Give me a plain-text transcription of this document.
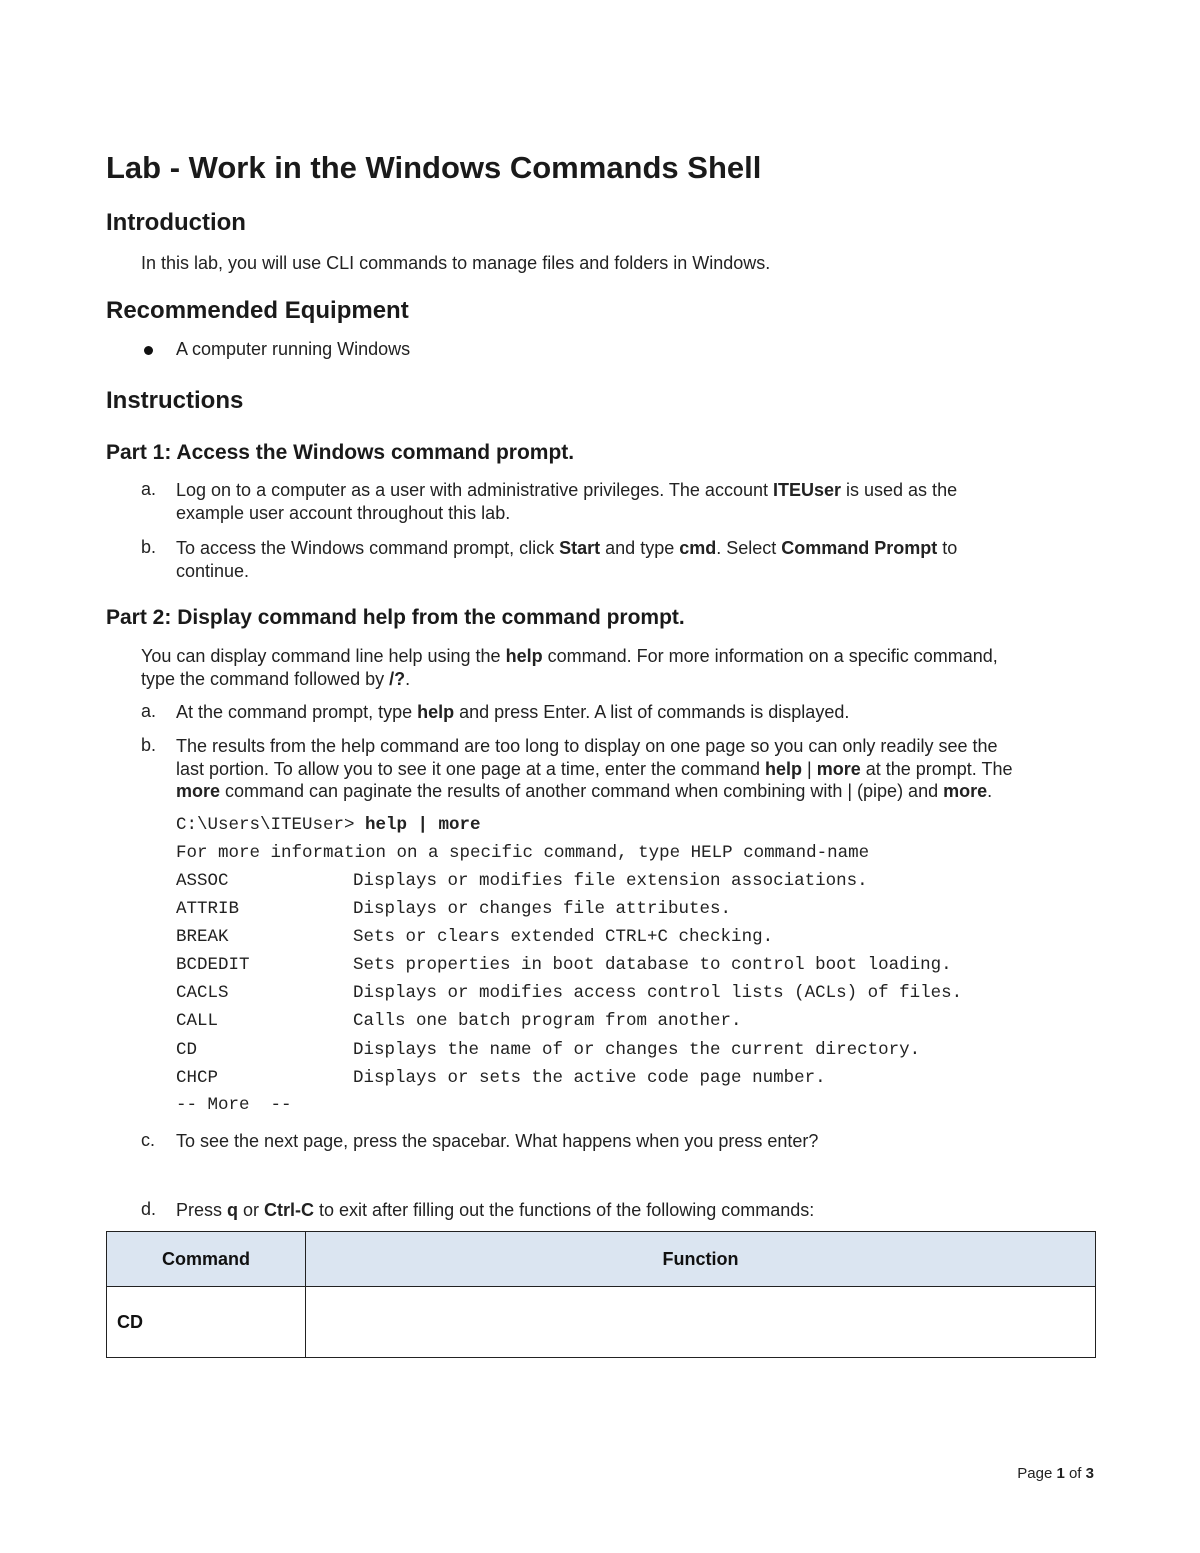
Lab - Work in the Windows Commands Shell
Introduction
In this lab, you will use CLI commands to manage files and folders in Windows.
Recommended Equipment
A computer running Windows
Instructions
Part 1: Access the Windows command prompt.
a. Log on to a computer as a user with administrative privileges. The account ITEUser is used as the
example user account throughout this lab.
b. To access the Windows command prompt, click Start and type cmd. Select Command Prompt to
continue.
Part 2: Display command help from the command prompt.
You can display command line help using the help command. For more information on a specific command,
type the command followed by /?.
a. At the command prompt, type help and press Enter. A list of commands is displayed.
b. The results from the help command are too long to display on one page so you can only readily see the
last portion. To allow you to see it one page at a time, enter the command help | more at the prompt. The
more command can paginate the results of another command when combining with | (pipe) and more.
C:\Users\ITEUser> help | more
For more information on a specific command, type HELP command-name
ASSOC	Displays or modifies file extension associations.
ATTRIB	Displays or changes file attributes.
BREAK	Sets or clears extended CTRL+C checking.
BCDEDIT	Sets properties in boot database to control boot loading.
CACLS	Displays or modifies access control lists (ACLs) of files.
CALL	Calls one batch program from another.
CD	Displays the name of or changes the current directory.
CHCP	Displays or sets the active code page number.
-- More  --
c. To see the next page, press the spacebar. What happens when you press enter?
d. Press q or Ctrl-C to exit after filling out the functions of the following commands:
Command	Function
CD	
Page 1 of 3
